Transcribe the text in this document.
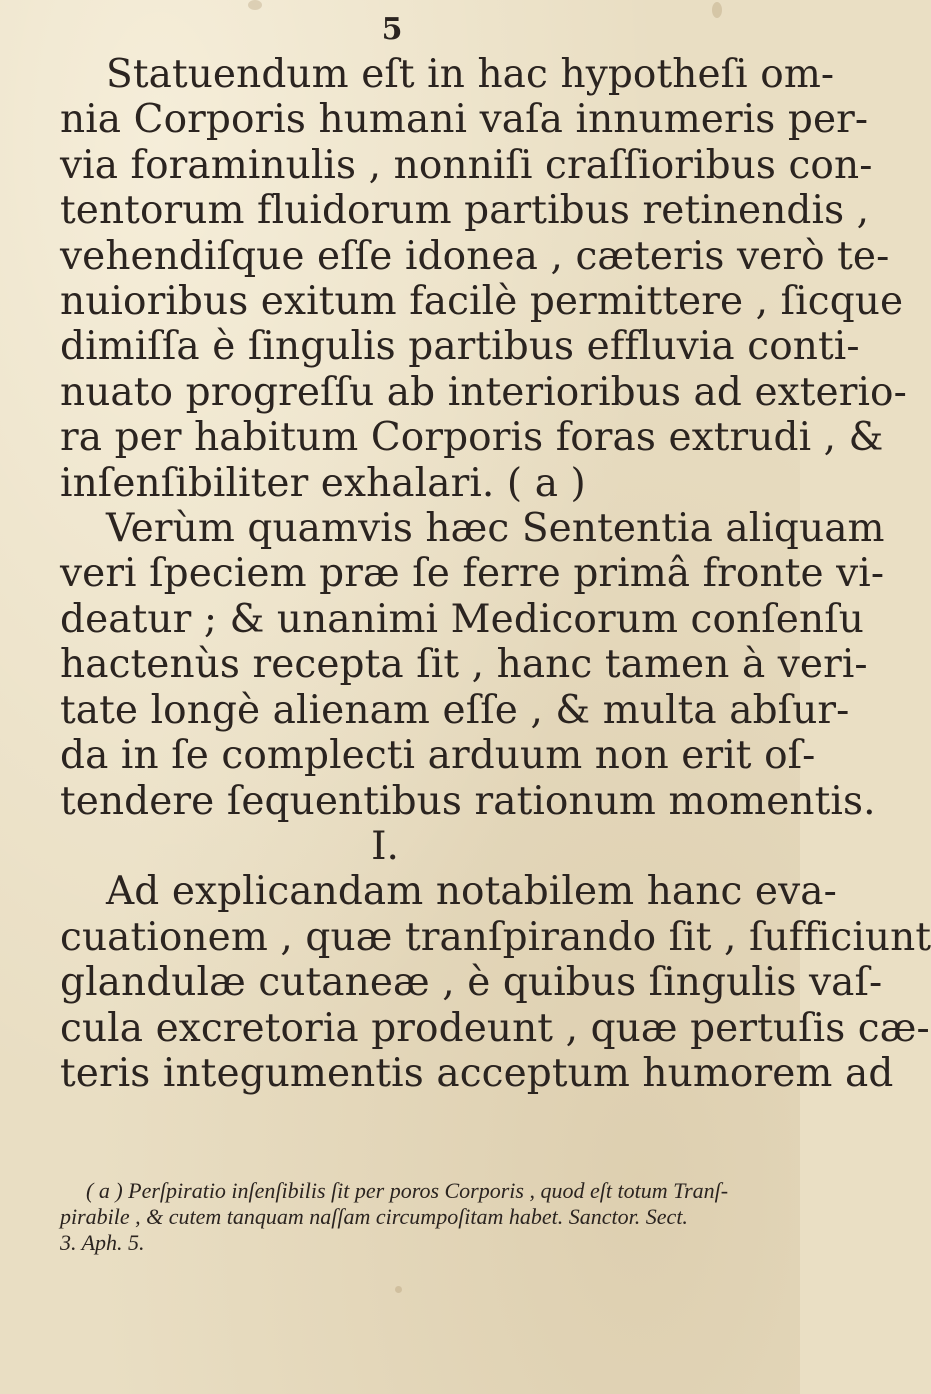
5
Statuendum eſt in hac hypotheſi om-
nia Corporis humani vaſa innumeris per-
via foraminulis , nonniſi craſſioribus con-
tentorum fluidorum partibus retinendis ,
vehendiſque eſſe idonea , cæteris verò te-
nuioribus exitum facilè permittere , ſicque
dimiſſa è ſingulis partibus effluvia conti-
nuato progreſſu ab interioribus ad exterio-
ra per habitum Corporis foras extrudi , &
inſenſibiliter exhalari. ( a )
Verùm quamvis hæc Sententia aliquam
veri ſpeciem præ ſe ferre primâ fronte vi-
deatur ; & unanimi Medicorum conſenſu
hactenùs recepta ſit , hanc tamen à veri-
tate longè alienam eſſe , & multa abſur-
da in ſe complecti arduum non erit oſ-
tendere ſequentibus rationum momentis.
I.
Ad explicandam notabilem hanc eva-
cuationem , quæ tranſpirando ſit , ſufficiunt
glandulæ cutaneæ , è quibus ſingulis vaſ-
cula excretoria prodeunt , quæ pertuſis cæ-
teris integumentis acceptum humorem ad
( a ) Perſpiratio inſenſibilis ſit per poros Corporis , quod eſt totum Tranſ-
pirabile , & cutem tanquam naſſam circumpoſitam habet. Sanctor. Sect.
3. Aph. 5.
